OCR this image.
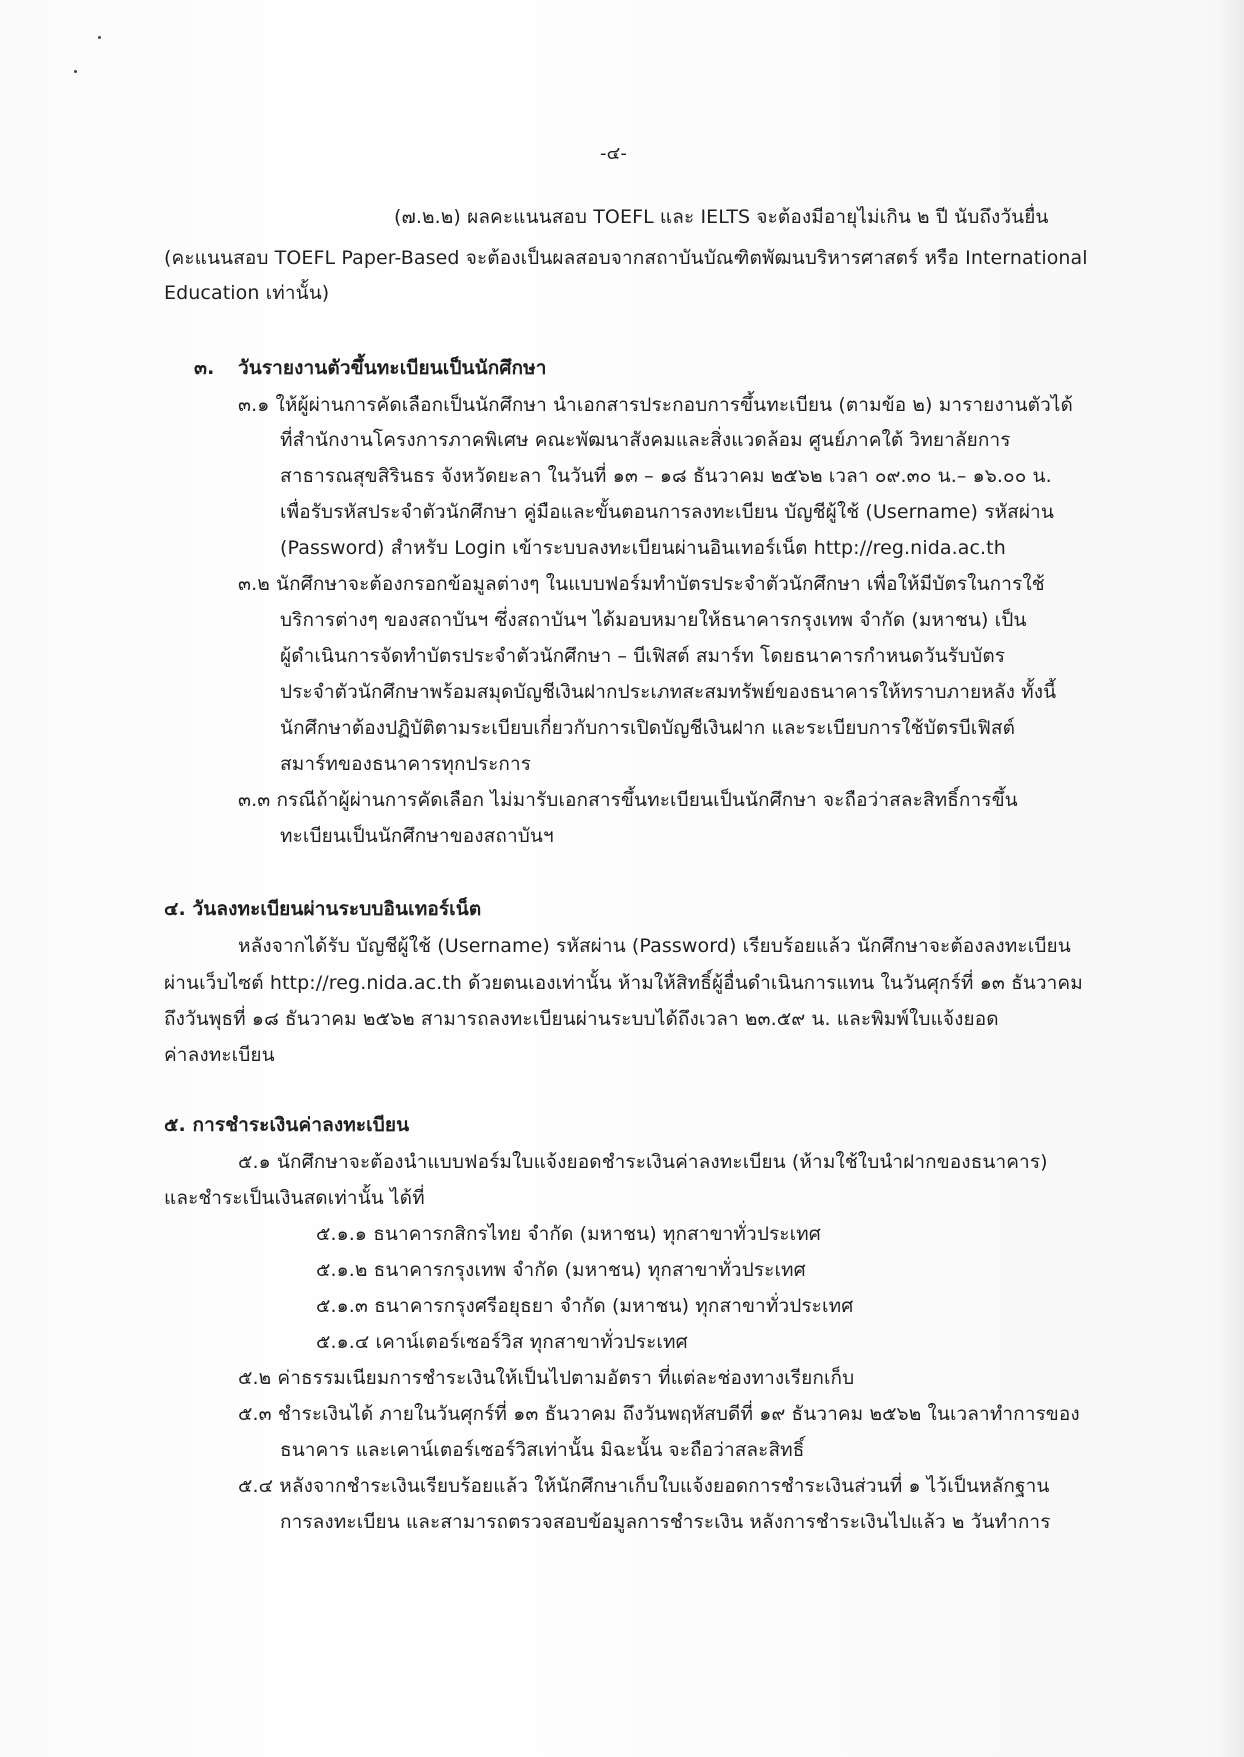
-๔-
(๗.๒.๒) ผลคะแนนสอบ TOEFL และ IELTS จะต้องมีอายุไม่เกิน ๒ ปี นับถึงวันยื่น
(คะแนนสอบ TOEFL Paper-Based จะต้องเป็นผลสอบจากสถาบันบัณฑิตพัฒนบริหารศาสตร์ หรือ International
Education เท่านั้น)
๓. วันรายงานตัวขึ้นทะเบียนเป็นนักศึกษา
๓.๑ ให้ผู้ผ่านการคัดเลือกเป็นนักศึกษา นำเอกสารประกอบการขึ้นทะเบียน (ตามข้อ ๒) มารายงานตัวได้
ที่สำนักงานโครงการภาคพิเศษ คณะพัฒนาสังคมและสิ่งแวดล้อม ศูนย์ภาคใต้ วิทยาลัยการ
สาธารณสุขสิรินธร จังหวัดยะลา ในวันที่ ๑๓ – ๑๘ ธันวาคม ๒๕๖๒ เวลา ๐๙.๓๐ น.– ๑๖.๐๐ น.
เพื่อรับรหัสประจำตัวนักศึกษา คู่มือและขั้นตอนการลงทะเบียน บัญชีผู้ใช้ (Username) รหัสผ่าน
(Password) สำหรับ Login เข้าระบบลงทะเบียนผ่านอินเทอร์เน็ต http://reg.nida.ac.th
๓.๒ นักศึกษาจะต้องกรอกข้อมูลต่างๆ ในแบบฟอร์มทำบัตรประจำตัวนักศึกษา เพื่อให้มีบัตรในการใช้
บริการต่างๆ ของสถาบันฯ ซึ่งสถาบันฯ ได้มอบหมายให้ธนาคารกรุงเทพ จำกัด (มหาชน) เป็น
ผู้ดำเนินการจัดทำบัตรประจำตัวนักศึกษา – บีเฟิสต์ สมาร์ท โดยธนาคารกำหนดวันรับบัตร
ประจำตัวนักศึกษาพร้อมสมุดบัญชีเงินฝากประเภทสะสมทรัพย์ของธนาคารให้ทราบภายหลัง ทั้งนี้
นักศึกษาต้องปฏิบัติตามระเบียบเกี่ยวกับการเปิดบัญชีเงินฝาก และระเบียบการใช้บัตรบีเฟิสต์
สมาร์ทของธนาคารทุกประการ
๓.๓ กรณีถ้าผู้ผ่านการคัดเลือก ไม่มารับเอกสารขึ้นทะเบียนเป็นนักศึกษา จะถือว่าสละสิทธิ์การขึ้น
ทะเบียนเป็นนักศึกษาของสถาบันฯ
๔. วันลงทะเบียนผ่านระบบอินเทอร์เน็ต
หลังจากได้รับ บัญชีผู้ใช้ (Username) รหัสผ่าน (Password) เรียบร้อยแล้ว นักศึกษาจะต้องลงทะเบียน
ผ่านเว็บไซต์ http://reg.nida.ac.th ด้วยตนเองเท่านั้น ห้ามให้สิทธิ์ผู้อื่นดำเนินการแทน ในวันศุกร์ที่ ๑๓ ธันวาคม
ถึงวันพุธที่ ๑๘ ธันวาคม ๒๕๖๒ สามารถลงทะเบียนผ่านระบบได้ถึงเวลา ๒๓.๕๙ น. และพิมพ์ใบแจ้งยอด
ค่าลงทะเบียน
๕. การชำระเงินค่าลงทะเบียน
๕.๑ นักศึกษาจะต้องนำแบบฟอร์มใบแจ้งยอดชำระเงินค่าลงทะเบียน (ห้ามใช้ใบนำฝากของธนาคาร)
และชำระเป็นเงินสดเท่านั้น ได้ที่
๕.๑.๑ ธนาคารกสิกรไทย จำกัด (มหาชน) ทุกสาขาทั่วประเทศ
๕.๑.๒ ธนาคารกรุงเทพ จำกัด (มหาชน) ทุกสาขาทั่วประเทศ
๕.๑.๓ ธนาคารกรุงศรีอยุธยา จำกัด (มหาชน) ทุกสาขาทั่วประเทศ
๕.๑.๔ เคาน์เตอร์เซอร์วิส ทุกสาขาทั่วประเทศ
๕.๒ ค่าธรรมเนียมการชำระเงินให้เป็นไปตามอัตรา ที่แต่ละช่องทางเรียกเก็บ
๕.๓ ชำระเงินได้ ภายในวันศุกร์ที่ ๑๓ ธันวาคม ถึงวันพฤหัสบดีที่ ๑๙ ธันวาคม ๒๕๖๒ ในเวลาทำการของ
ธนาคาร และเคาน์เตอร์เซอร์วิสเท่านั้น มิฉะนั้น จะถือว่าสละสิทธิ์
๕.๔ หลังจากชำระเงินเรียบร้อยแล้ว ให้นักศึกษาเก็บใบแจ้งยอดการชำระเงินส่วนที่ ๑ ไว้เป็นหลักฐาน
การลงทะเบียน และสามารถตรวจสอบข้อมูลการชำระเงิน หลังการชำระเงินไปแล้ว ๒ วันทำการ
